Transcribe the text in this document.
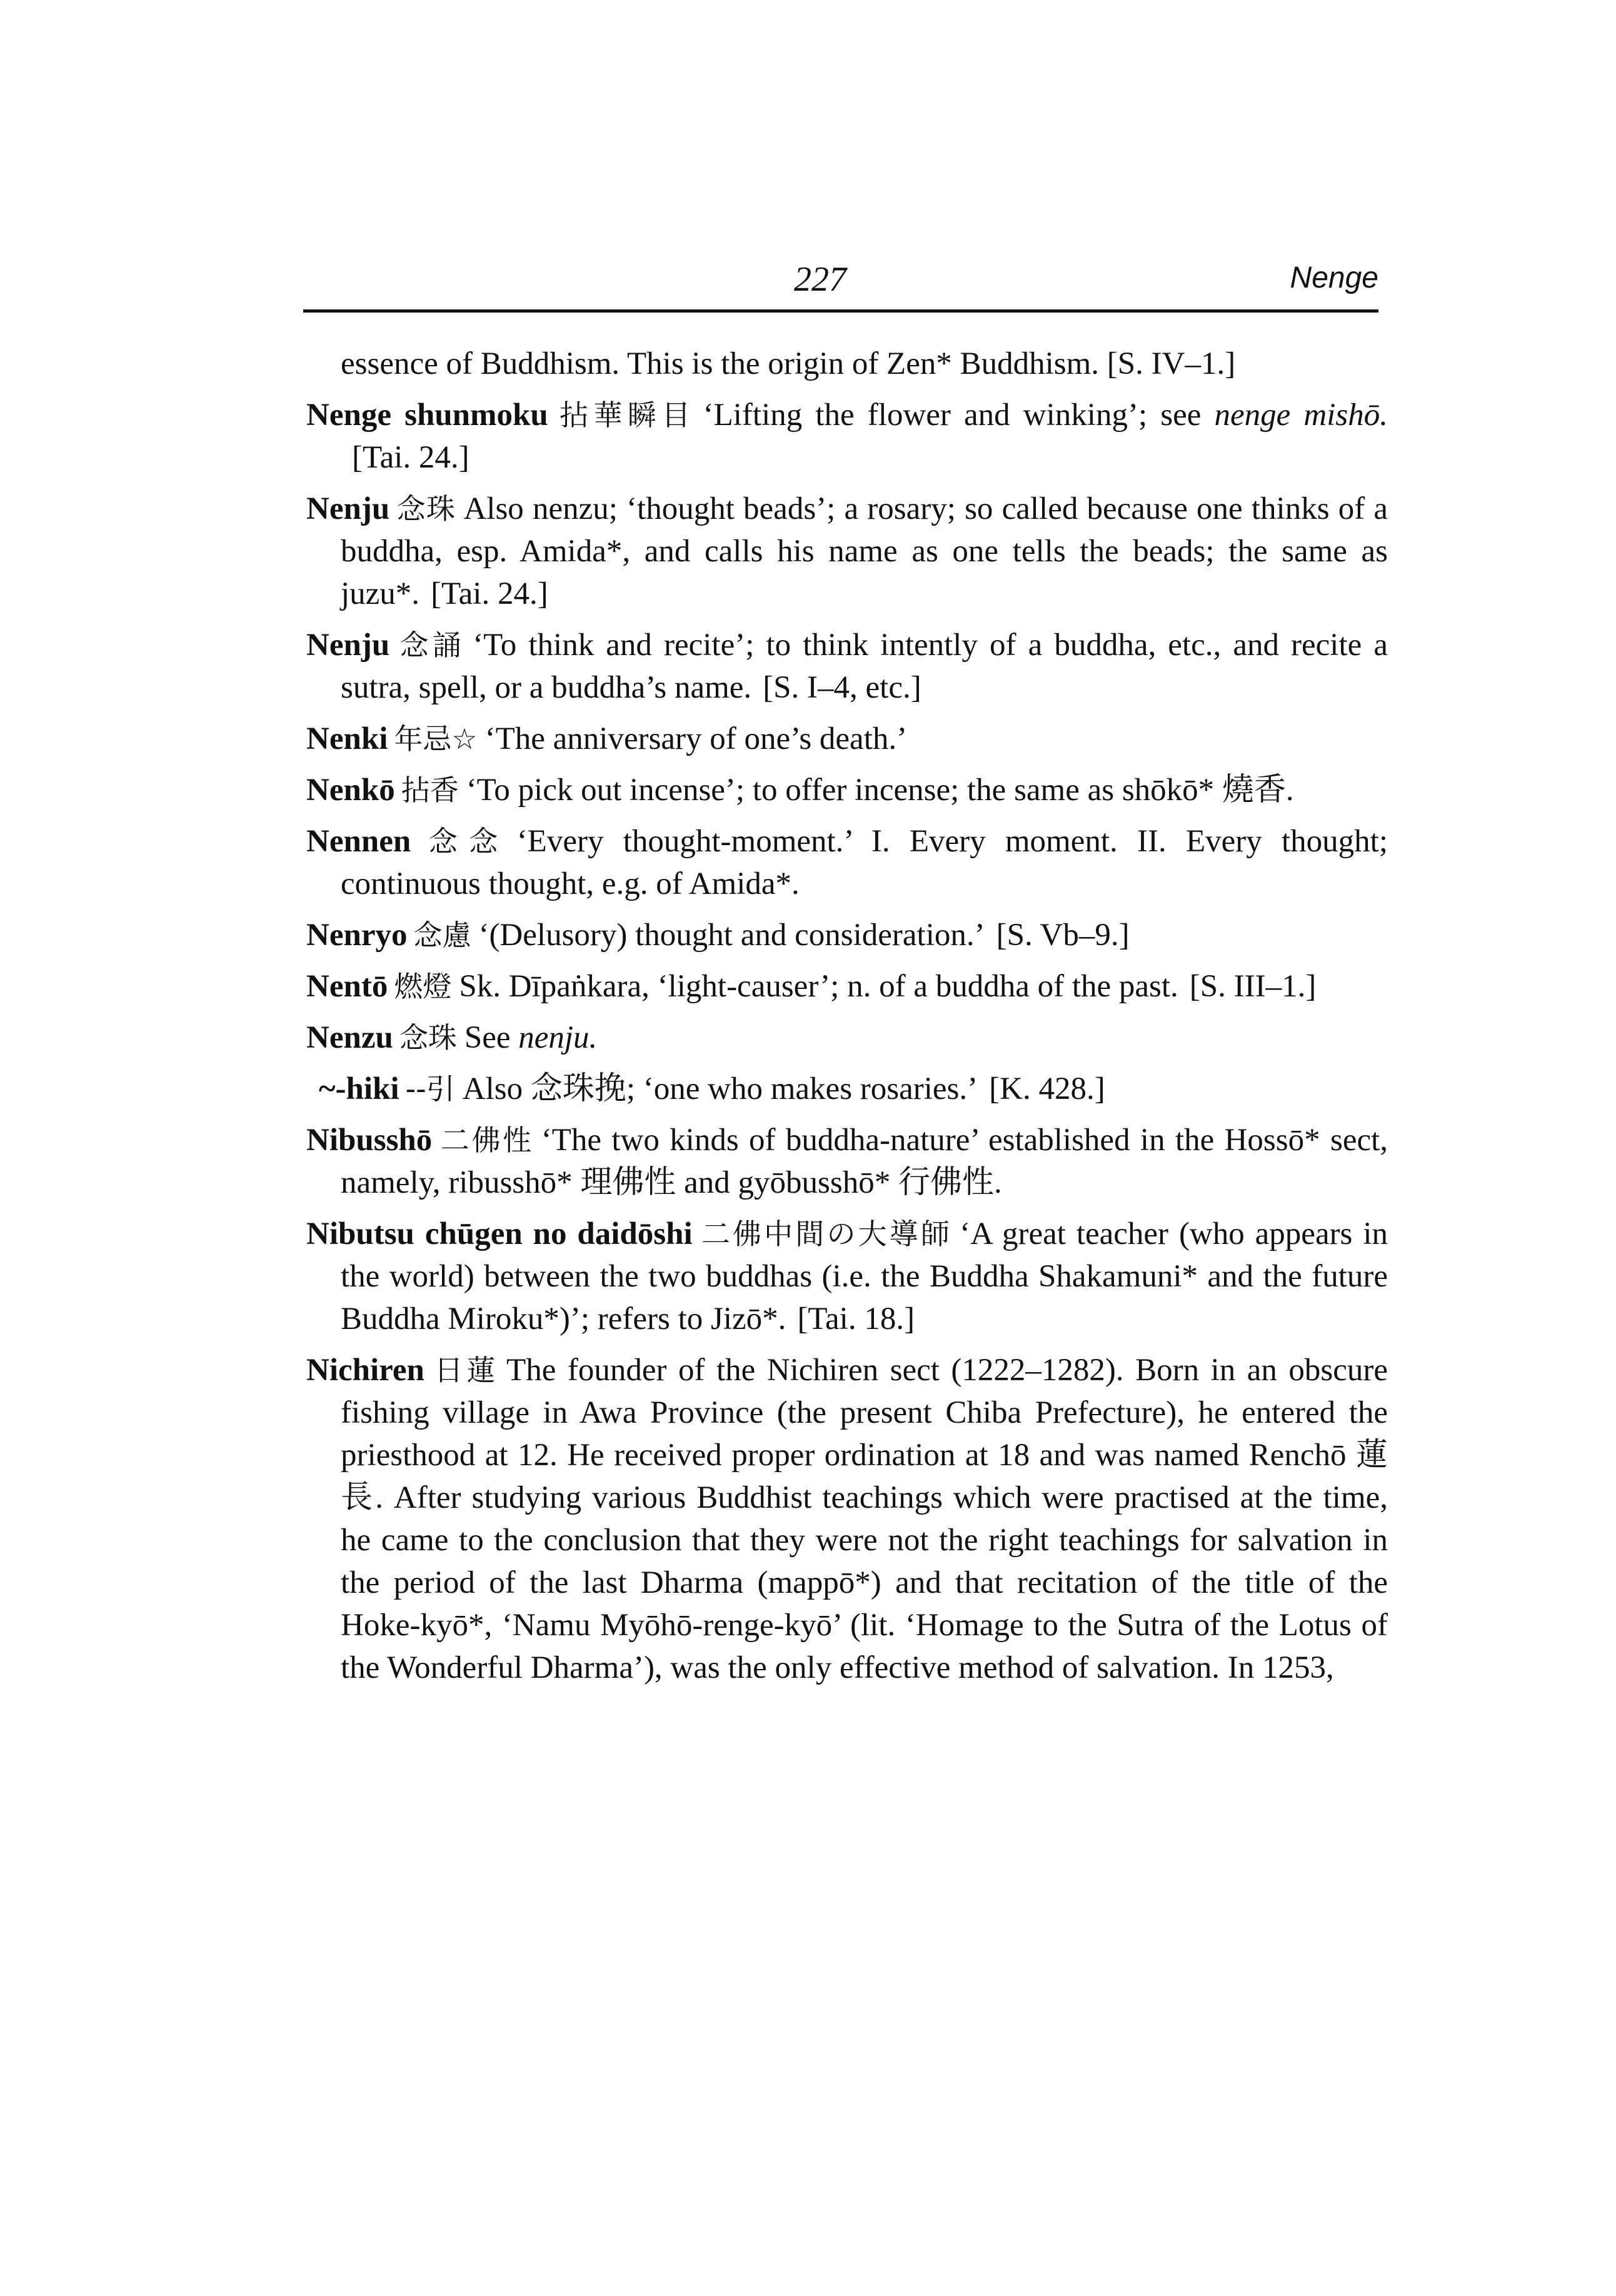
227	Nenge
essence of Buddhism. This is the origin of Zen* Buddhism. [S. IV–1.]
Nenge shunmoku 拈華瞬目 ‘Lifting the flower and winking’; see nenge mishō.[Tai. 24.]
Nenju 念珠 Also nenzu; ‘thought beads’; a rosary; so called because one thinks of a buddha, esp. Amida*, and calls his name as one tells the beads; the same as juzu*. [Tai. 24.]
Nenju 念誦 ‘To think and recite’; to think intently of a buddha, etc., and recite a sutra, spell, or a buddha’s name. [S. I–4, etc.]
Nenki 年忌☆ ‘The anniversary of one’s death.’
Nenkō 拈香 ‘To pick out incense’; to offer incense; the same as shōkō* 燒香.
Nennen 念念 ‘Every thought-moment.’ I. Every moment. II. Every thought; continuous thought, e.g. of Amida*.
Nenryo 念慮 ‘(Delusory) thought and consideration.’ [S. Vb–9.]
Nentō 燃燈 Sk. Dīpaṅkara, ‘light-causer’; n. of a buddha of the past. [S. III–1.]
Nenzu 念珠 See nenju.
~-hiki --引 Also 念珠挽; ‘one who makes rosaries.’ [K. 428.]
Nibusshō 二佛性 ‘The two kinds of buddha-nature’ established in the Hossō* sect, namely, ribusshō* 理佛性 and gyōbusshō* 行佛性.
Nibutsu chūgen no daidōshi 二佛中間の大導師 ‘A great teacher (who appears in the world) between the two buddhas (i.e. the Buddha Shakamuni* and the future Buddha Miroku*)’; refers to Jizō*. [Tai. 18.]
Nichiren 日蓮 The founder of the Nichiren sect (1222–1282). Born in an obscure fishing village in Awa Province (the present Chiba Prefecture), he entered the priesthood at 12. He received proper ordination at 18 and was named Renchō 蓮長. After studying various Buddhist teachings which were practised at the time, he came to the conclusion that they were not the right teachings for salvation in the period of the last Dharma (mappō*) and that recitation of the title of the Hoke-kyō*, ‘Namu Myōhō-renge-kyō’ (lit. ‘Homage to the Sutra of the Lotus of the Wonderful Dharma’), was the only effective method of salvation. In 1253,
